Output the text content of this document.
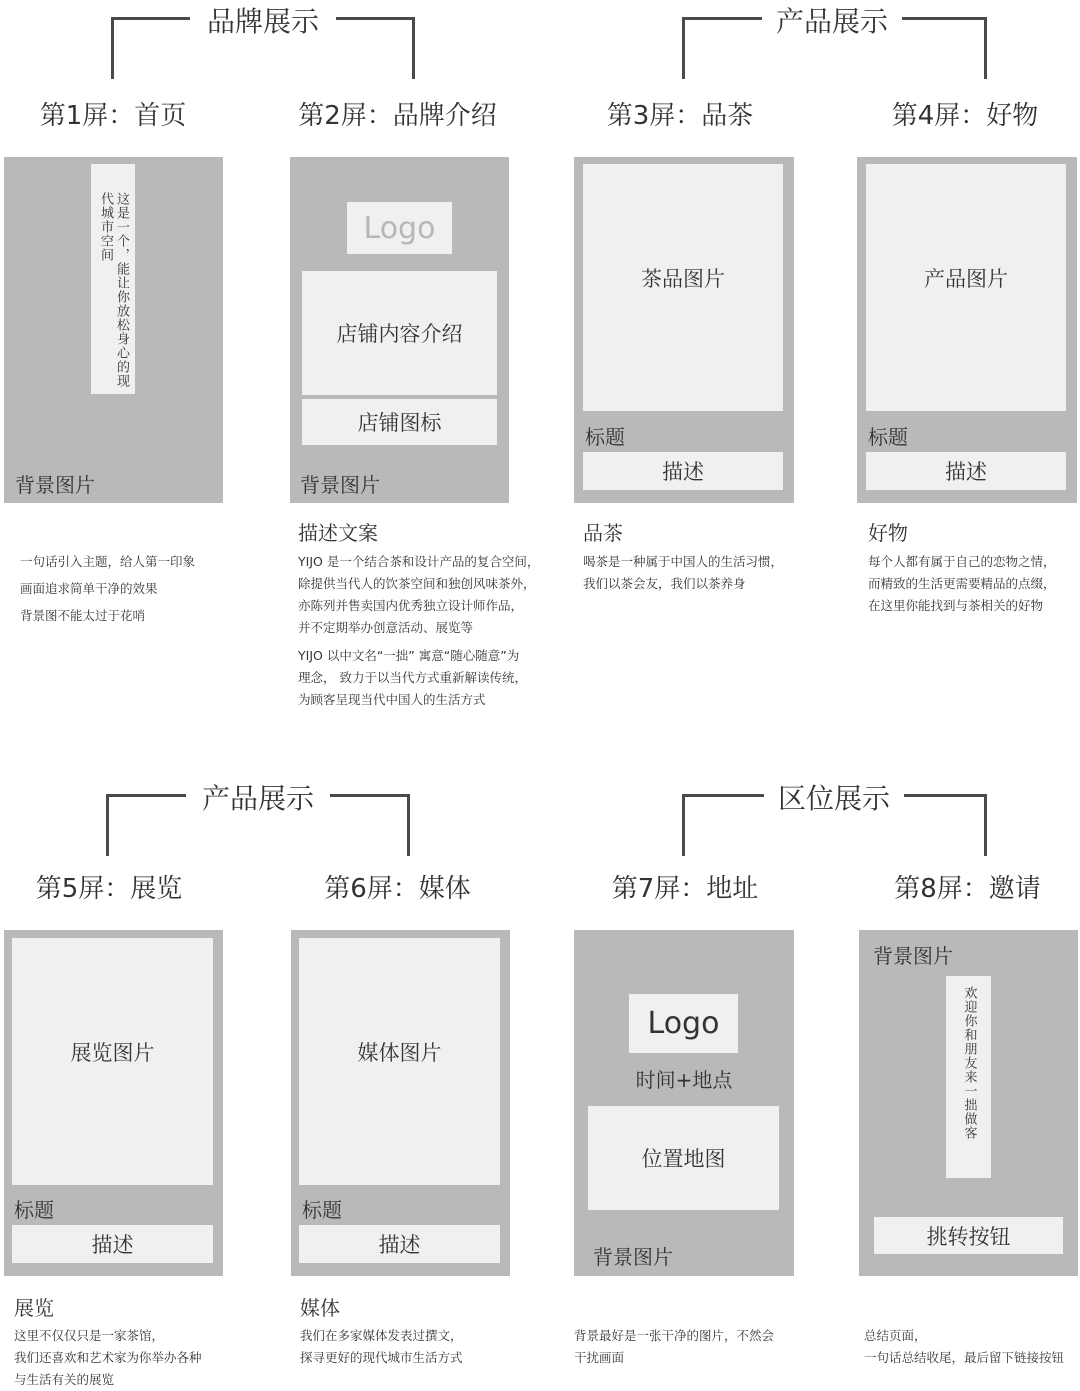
品牌展示	产品展示
第1屏：首页	第2屏：品牌介绍	第3屏：品茶	第4屏：好物
这是一个，能让你放松身心的现代城市空间
背景图片
Logo
店铺内容介绍
店铺图标
背景图片
茶品图片
标题
描述
产品图片
标题
描述

一句话引入主题，给人第一印象

画面追求简单干净的效果

背景图不能太过于花哨

描述文案

YIJO 是一个结合茶和设计产品的复合空间，

除提供当代人的饮茶空间和独创风味茶外，

亦陈列并售卖国内优秀独立设计师作品，

并不定期举办创意活动、展览等

YIJO 以中文名“一拙” 寓意“随心随意”为

理念， 致力于以当代方式重新解读传统，

为顾客呈现当代中国人的生活方式

品茶

喝茶是一种属于中国人的生活习惯，

我们以茶会友，我们以茶养身

好物

每个人都有属于自己的恋物之情，

而精致的生活更需要精品的点缀，

在这里你能找到与茶相关的好物

产品展示	区位展示
第5屏：展览	第6屏：媒体	第7屏：地址	第8屏：邀请
展览图片
标题
描述
媒体图片
标题
描述
Logo
时间+地点
位置地图
背景图片
背景图片
欢迎你和朋友来一拙做客
挑转按钮
展览

这里不仅仅只是一家茶馆，

我们还喜欢和艺术家为你举办各种

与生活有关的展览

媒体

我们在多家媒体发表过撰文，

探寻更好的现代城市生活方式

背景最好是一张干净的图片，不然会

干扰画面

总结页面，

一句话总结收尾，最后留下链接按钮
